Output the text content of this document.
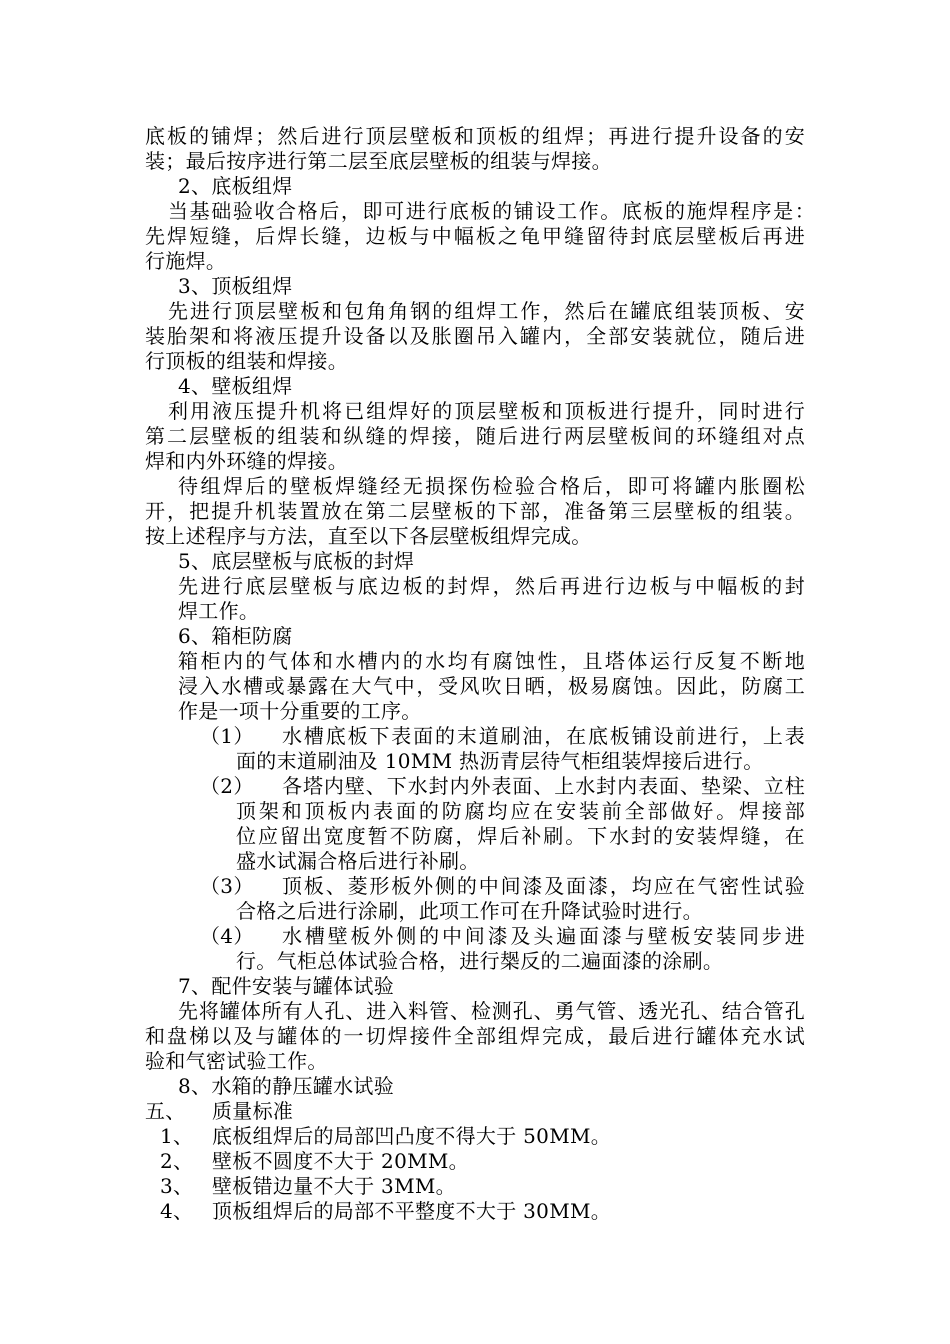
底板的铺焊；然后进行顶层壁板和顶板的组焊；再进行提升设备的安
装；最后按序进行第二层至底层壁板的组装与焊接。
2、底板组焊
当基础验收合格后，即可进行底板的铺设工作。底板的施焊程序是：
先焊短缝，后焊长缝，边板与中幅板之龟甲缝留待封底层壁板后再进
行施焊。
3、顶板组焊
先进行顶层壁板和包角角钢的组焊工作，然后在罐底组装顶板、安
装胎架和将液压提升设备以及胀圈吊入罐内，全部安装就位，随后进
行顶板的组装和焊接。
4、壁板组焊
利用液压提升机将已组焊好的顶层壁板和顶板进行提升，同时进行
第二层壁板的组装和纵缝的焊接，随后进行两层壁板间的环缝组对点
焊和内外环缝的焊接。
待组焊后的壁板焊缝经无损探伤检验合格后，即可将罐内胀圈松
开，把提升机装置放在第二层壁板的下部，准备第三层壁板的组装。
按上述程序与方法，直至以下各层壁板组焊完成。
5、底层壁板与底板的封焊
先进行底层壁板与底边板的封焊，然后再进行边板与中幅板的封
焊工作。
6、箱柜防腐
箱柜内的气体和水槽内的水均有腐蚀性，且塔体运行反复不断地
浸入水槽或暴露在大气中，受风吹日晒，极易腐蚀。因此，防腐工
作是一项十分重要的工序。
（1） 水槽底板下表面的末道刷油，在底板铺设前进行，上表
面的末道刷油及 10MM 热沥青层待气柜组装焊接后进行。
（2） 各塔内壁、下水封内外表面、上水封内表面、垫梁、立柱
顶架和顶板内表面的防腐均应在安装前全部做好。焊接部
位应留出宽度暂不防腐，焊后补刷。下水封的安装焊缝，在
盛水试漏合格后进行补刷。
（3） 顶板、菱形板外侧的中间漆及面漆，均应在气密性试验
合格之后进行涂刷，此项工作可在升降试验时进行。
（4） 水槽壁板外侧的中间漆及头遍面漆与壁板安装同步进
行。气柜总体试验合格，进行椝反的二遍面漆的涂刷。
7、配件安装与罐体试验
先将罐体所有人孔、进入料管、检测孔、勇气管、透光孔、结合管孔
和盘梯以及与罐体的一切焊接件全部组焊完成，最后进行罐体充水试
验和气密试验工作。
8、水箱的静压罐水试验
五、 质量标准
1、 底板组焊后的局部凹凸度不得大于 50MM。
2、 壁板不圆度不大于 20MM。
3、 壁板错边量不大于 3MM。
4、 顶板组焊后的局部不平整度不大于 30MM。
